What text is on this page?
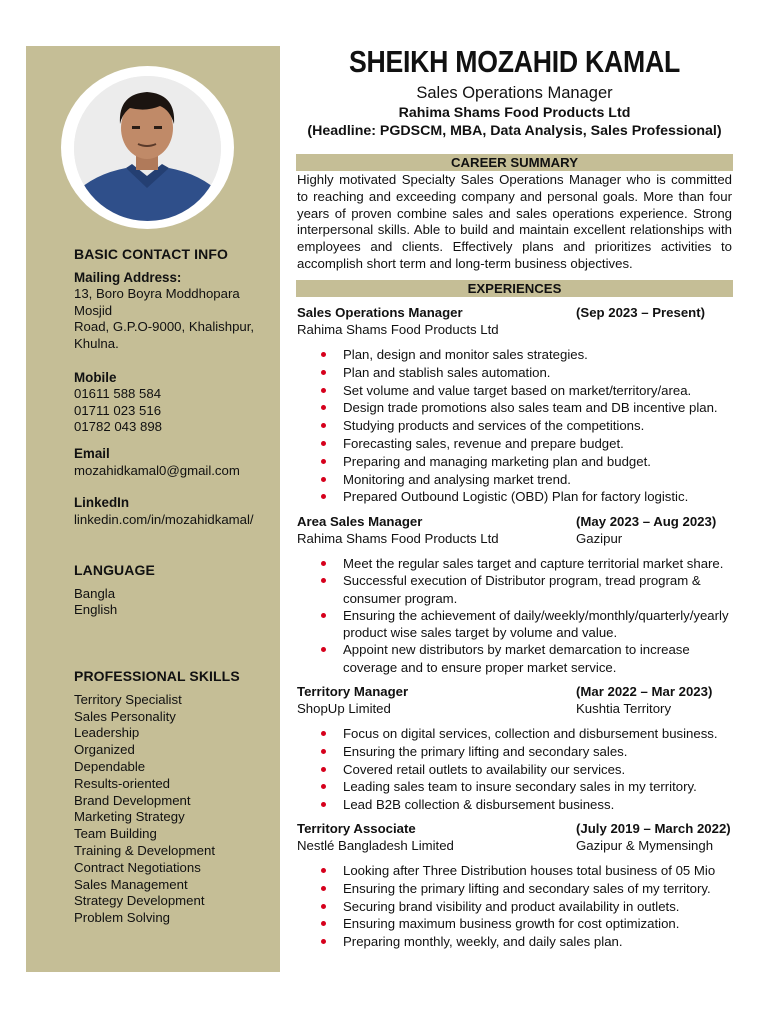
BASIC CONTACT INFO
Mailing Address:
13, Boro Boyra Moddhopara Mosjid
Road, G.P.O-9000, Khalishpur,
Khulna.
Mobile
01611 588 584
01711 023 516
01782 043 898
Email
mozahidkamal0@gmail.com
LinkedIn
linkedin.com/in/mozahidkamal/
LANGUAGE
Bangla
English
PROFESSIONAL SKILLS
Territory Specialist
Sales Personality
Leadership
Organized
Dependable
Results-oriented
Brand Development
Marketing Strategy
Team Building
Training & Development
Contract Negotiations
Sales Management
Strategy Development
Problem Solving
SHEIKH MOZAHID KAMAL
Sales Operations Manager
Rahima Shams Food Products Ltd
(Headline: PGDSCM, MBA, Data Analysis, Sales Professional)
CAREER SUMMARY
Highly motivated Specialty Sales Operations Manager who is committed to reaching and exceeding company and personal goals. More than four years of proven combine sales and sales operations experience. Strong interpersonal skills. Able to build and maintain excellent relationships with employees and clients. Effectively plans and prioritizes activities to accomplish short term and long-term business objectives.
EXPERIENCES
Sales Operations Manager	(Sep 2023 – Present)
Rahima Shams Food Products Ltd
Plan, design and monitor sales strategies.
Plan and stablish sales automation.
Set volume and value target based on market/territory/area.
Design trade promotions also sales team and DB incentive plan.
Studying products and services of the competitions.
Forecasting sales, revenue and prepare budget.
Preparing and managing marketing plan and budget.
Monitoring and analysing market trend.
Prepared Outbound Logistic (OBD) Plan for factory logistic.
Area Sales Manager	(May 2023 – Aug 2023)
Rahima Shams Food Products Ltd	Gazipur
Meet the regular sales target and capture territorial market share.
Successful execution of Distributor program, tread program &
consumer program.
Ensuring the achievement of daily/weekly/monthly/quarterly/yearly
product wise sales target by volume and value.
Appoint new distributors by market demarcation to increase
coverage and to ensure proper market service.
Territory Manager	(Mar 2022 – Mar 2023)
ShopUp Limited	Kushtia Territory
Focus on digital services, collection and disbursement business.
Ensuring the primary lifting and secondary sales.
Covered retail outlets to availability our services.
Leading sales team to insure secondary sales in my territory.
Lead B2B collection & disbursement business.
Territory Associate	(July 2019 – March 2022)
Nestlé Bangladesh Limited	Gazipur & Mymensingh
Looking after Three Distribution houses total business of 05 Mio
Ensuring the primary lifting and secondary sales of my territory.
Securing brand visibility and product availability in outlets.
Ensuring maximum business growth for cost optimization.
Preparing monthly, weekly, and daily sales plan.
